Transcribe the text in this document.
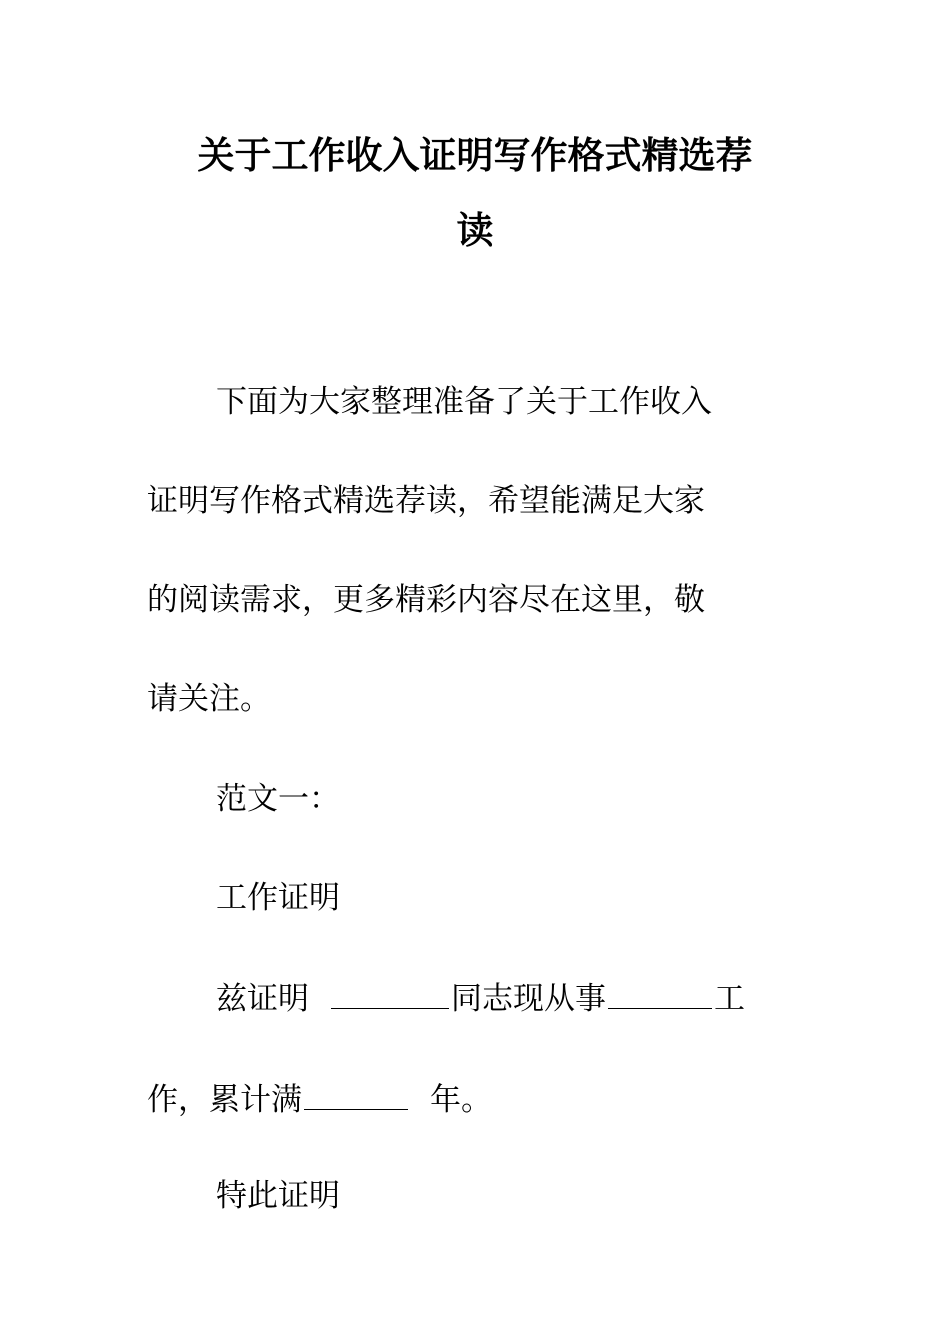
关于工作收入证明写作格式精选荐
读
下面为大家整理准备了关于工作收入
证明写作格式精选荐读，希望能满足大家
的阅读需求，更多精彩内容尽在这里，敬
请关注。
范文一：
工作证明
兹证明	同志现从事	工
作，累计满	年。
特此证明
